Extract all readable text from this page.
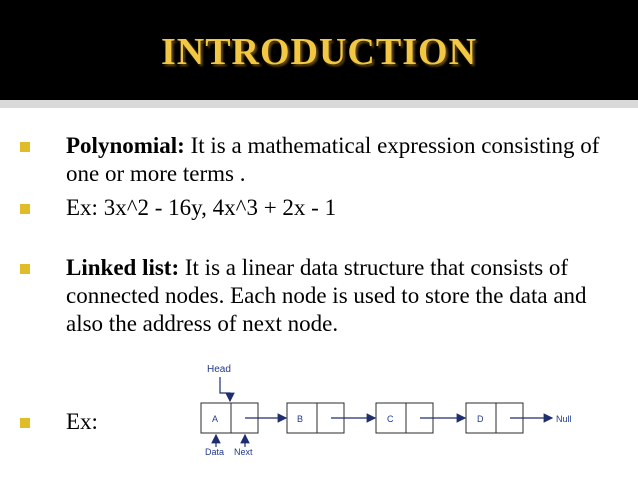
INTRODUCTION
Polynomial: It is a mathematical expression consisting of one or more terms .
Ex: 3x^2 - 16y, 4x^3 + 2x - 1
Linked list: It is a linear data structure that consists of connected nodes. Each node is used to store the data and also the address of next node.
Ex:
Head
A	B	C	D	Null
Data Next
